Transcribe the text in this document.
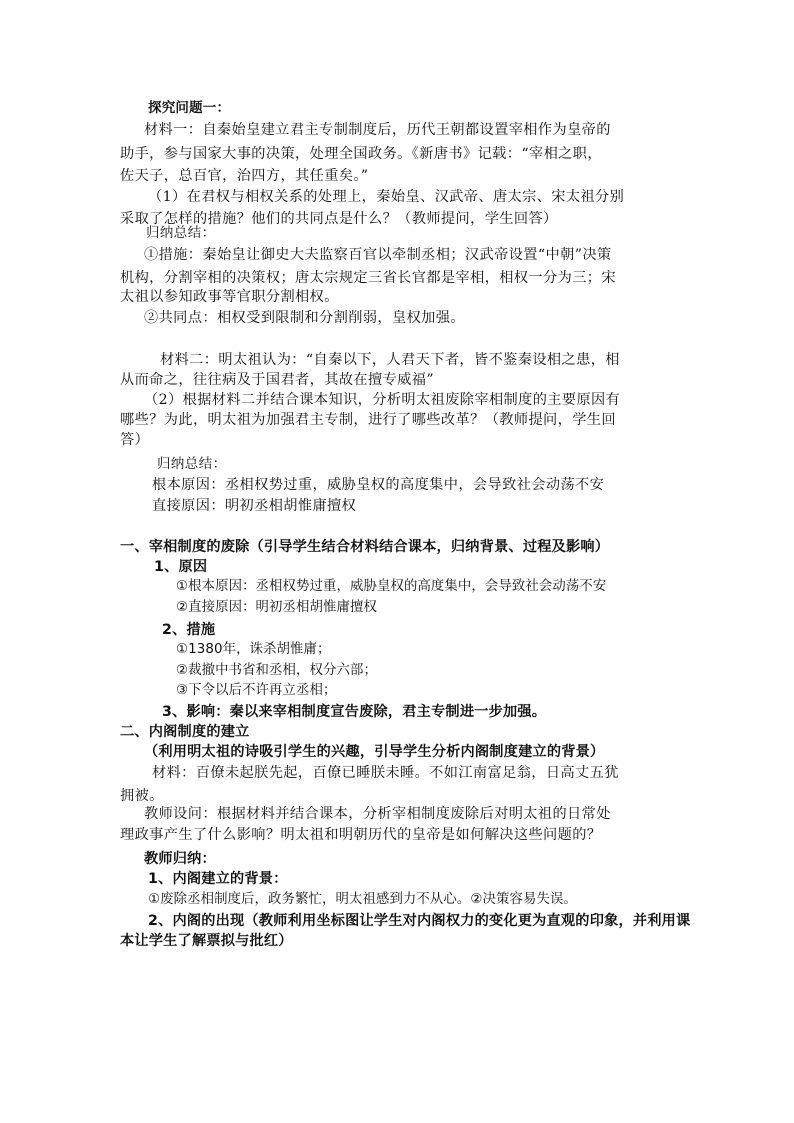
探究问题一：
材料一：自秦始皇建立君主专制制度后，历代王朝都设置宰相作为皇帝的
助手，参与国家大事的决策，处理全国政务。《新唐书》记载：“宰相之职，
佐天子，总百官，治四方，其任重矣。”
（1）在君权与相权关系的处理上，秦始皇、汉武帝、唐太宗、宋太祖分别
采取了怎样的措施？他们的共同点是什么？（教师提问，学生回答）
归纳总结：
①措施：秦始皇让御史大夫监察百官以牵制丞相；汉武帝设置“中朝”决策
机构，分割宰相的决策权；唐太宗规定三省长官都是宰相，相权一分为三；宋
太祖以参知政事等官职分割相权。
②共同点：相权受到限制和分割削弱，皇权加强。
材料二：明太祖认为：“自秦以下，人君天下者，皆不鉴秦设相之患，相
从而命之，往往病及于国君者，其故在擅专威福”
（2）根据材料二并结合课本知识，分析明太祖废除宰相制度的主要原因有
哪些？为此，明太祖为加强君主专制，进行了哪些改革？（教师提问，学生回
答）
归纳总结：
根本原因：丞相权势过重，威胁皇权的高度集中，会导致社会动荡不安
直接原因：明初丞相胡惟庸擅权
一、宰相制度的废除（引导学生结合材料结合课本，归纳背景、过程及影响）
1、原因
①根本原因：丞相权势过重，威胁皇权的高度集中，会导致社会动荡不安
②直接原因：明初丞相胡惟庸擅权
2、措施
①1380年，诛杀胡惟庸；
②裁撤中书省和丞相，权分六部；
③下令以后不许再立丞相；
3、影响：秦以来宰相制度宣告废除，君主专制进一步加强。
二、内阁制度的建立
（利用明太祖的诗吸引学生的兴趣，引导学生分析内阁制度建立的背景）
材料：百僚未起朕先起，百僚已睡朕未睡。不如江南富足翁，日高丈五犹
拥被。
教师设问：根据材料并结合课本，分析宰相制度废除后对明太祖的日常处
理政事产生了什么影响？明太祖和明朝历代的皇帝是如何解决这些问题的？
教师归纳：
1、内阁建立的背景：
①废除丞相制度后，政务繁忙，明太祖感到力不从心。②决策容易失误。
2、内阁的出现（教师利用坐标图让学生对内阁权力的变化更为直观的印象，并利用课
本让学生了解票拟与批红）
